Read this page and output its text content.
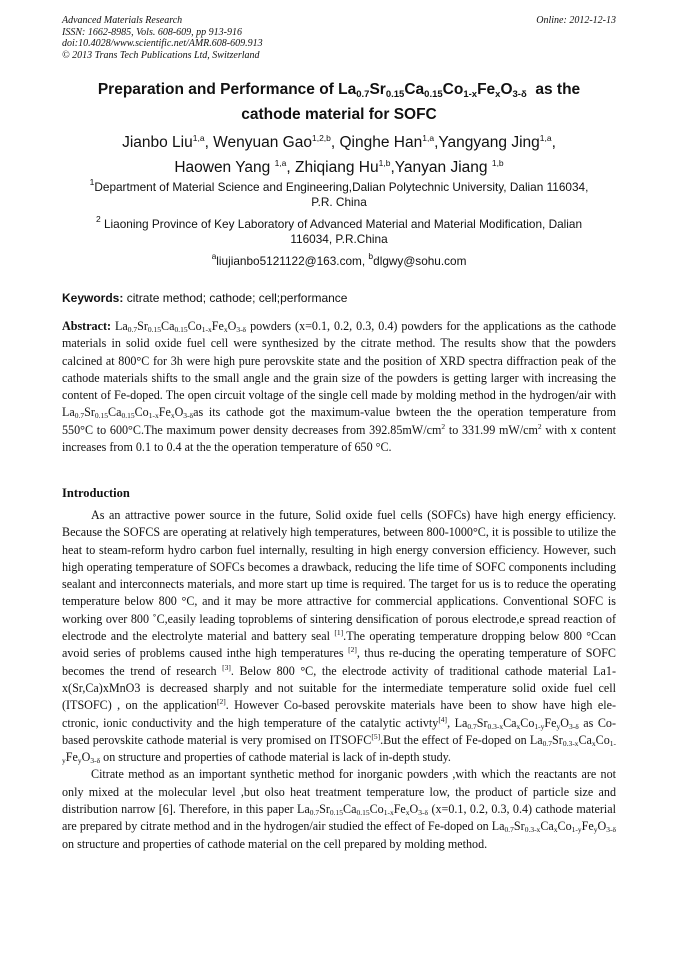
Advanced Materials Research
ISSN: 1662-8985, Vols. 608-609, pp 913-916
doi:10.4028/www.scientific.net/AMR.608-609.913
© 2013 Trans Tech Publications Ltd, Switzerland
Online: 2012-12-13
Preparation and Performance of $La_{0.7}Sr_{0.15}Ca_{0.15}Co_{1-x}Fe_xO_{3-\delta}$ as the
cathode material for SOFC
Jianbo Liu$^{1,a}$, Wenyuan Gao$^{1,2,b}$, Qinghe Han$^{1,a}$,Yangyang Jing$^{1,a}$,
Haowen Yang $^{1,a}$, Zhiqiang Hu$^{1,b}$,Yanyan Jiang $^{1,b}$
$^1$Department of Material Science and Engineering,Dalian Polytechnic University, Dalian 116034,
P.R. China
$^2$ Liaoning Province of Key Laboratory of Advanced Material and Material Modification, Dalian
116034, P.R.China
$^a$liujianbo5121122@163.com, $^b$dlgwy@sohu.com
Keywords: citrate method; cathode; cell;performance
Abstract: $La_{0.7}Sr_{0.15}Ca_{0.15}Co_{1-x}Fe_xO_{3-\delta}$ powders (x=0.1, 0.2, 0.3, 0.4) powders for the applications as the cathode materials in solid oxide fuel cell were synthesized by the citrate method. The results show that the powders calcined at 800°C for 3h were high pure perovskite state and the position of XRD spectra diffraction peak of the cathode materials shifts to the small angle and the grain size of the powders is getting larger with increasing the content of Fe-doped. The open circuit voltage of the single cell made by molding method in the hydrogen/air with $La_{0.7}Sr_{0.15}Ca_{0.15}Co_{1-x}Fe_xO_{3-\delta}as$ its cathode got the maximum-value bwteen the the operation temperature from 550°C to 600°C.The maximum power density decreases from $392.85mW/cm^2$ to 331.99 $mW/cm^2$ with x content increases from 0.1 to 0.4 at the the operation temperature of 650 °C.
Introduction

As an attractive power source in the future, Solid oxide fuel cells (SOFCs) have high energy efficiency. Because the SOFCS are operating at relatively high temperatures, between 800-1000°C, it is possible to utilize the heat to steam-reform hydro carbon fuel internally, resulting in high energy conversion efficiency. However, such high operating temperature of SOFCs becomes a drawback, reducing the life time of SOFC components including sealant and interconnects materials, and more start up time is required. The target for us is to reduce the operating temperature below 800 °C, and it may be more attractive for commercial applications. Conventional SOFC is working over 800 ˚C,easily leading toproblems of sintering densification of porous electrode,e spread reaction of electrode and the electrolyte material and battery seal [1].The operating temperature dropping below 800 °Ccan avoid series of problems caused inthe high temperatures [2], thus re-ducing the operating temperature of SOFC becomes the trend of research [3]. Below 800 °C, the electrode activity of traditional cathode material La1-x(Sr,Ca)xMnO3 is decreased sharply and not suitable for the intermediate temperature solid oxide fuel cell (ITSOFC) , on the application[2]. However Co-based perovskite materials have been to show have high ele-ctronic, ionic conductivity and the high temperature of the catalytic activty[4], $La_{0.7}Sr_{0.3-x}Ca_xCo_{1-y}Fe_yO_{3-\delta}$ as Co-based perovskite cathode material is very promised on ITSOFC[5].But the effect of Fe-doped on $La_{0.7}Sr_{0.3-x}Ca_xCo_{1-y}Fe_yO_{3-\delta}$ on structure and properties of cathode material is lack of in-depth study.

Citrate method as an important synthetic method for inorganic powders ,with which the reactants are not only mixed at the molecular level ,but olso heat treatment temperature low, the product of particle size and distribution narrow [6]. Therefore, in this paper $La_{0.7}Sr_{0.15}Ca_{0.15}Co_{1-x}Fe_xO_{3-\delta}$ (x=0.1, 0.2, 0.3, 0.4) cathode material are prepared by citrate method and in the hydrogen/air studied the effect of Fe-doped on $La_{0.7}Sr_{0.3-x}Ca_xCo_{1-y}Fe_yO_{3-\delta}$ on structure and properties of cathode material on the cell prepared by molding method.
